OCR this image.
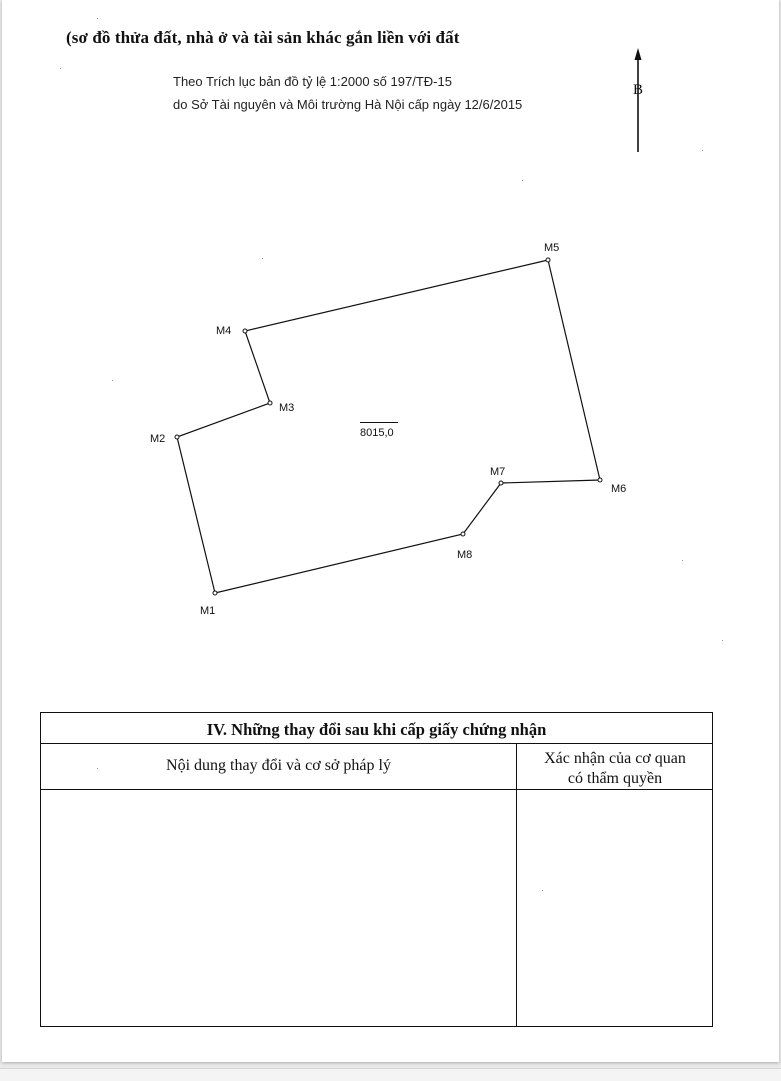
(sơ đồ thửa đất, nhà ở và tài sản khác gắn liền với đất
Theo Trích lục bản đồ tỷ lệ 1:2000 số 197/TĐ-15
do Sở Tài nguyên và Môi trường Hà Nội cấp ngày 12/6/2015
B
M1
M2
M3
M4
M5
M6
M7
M8
8015,0
IV. Những thay đổi sau khi cấp giấy chứng nhận
Nội dung thay đổi và cơ sở pháp lý	Xác nhận của cơ quan
có thẩm quyền
